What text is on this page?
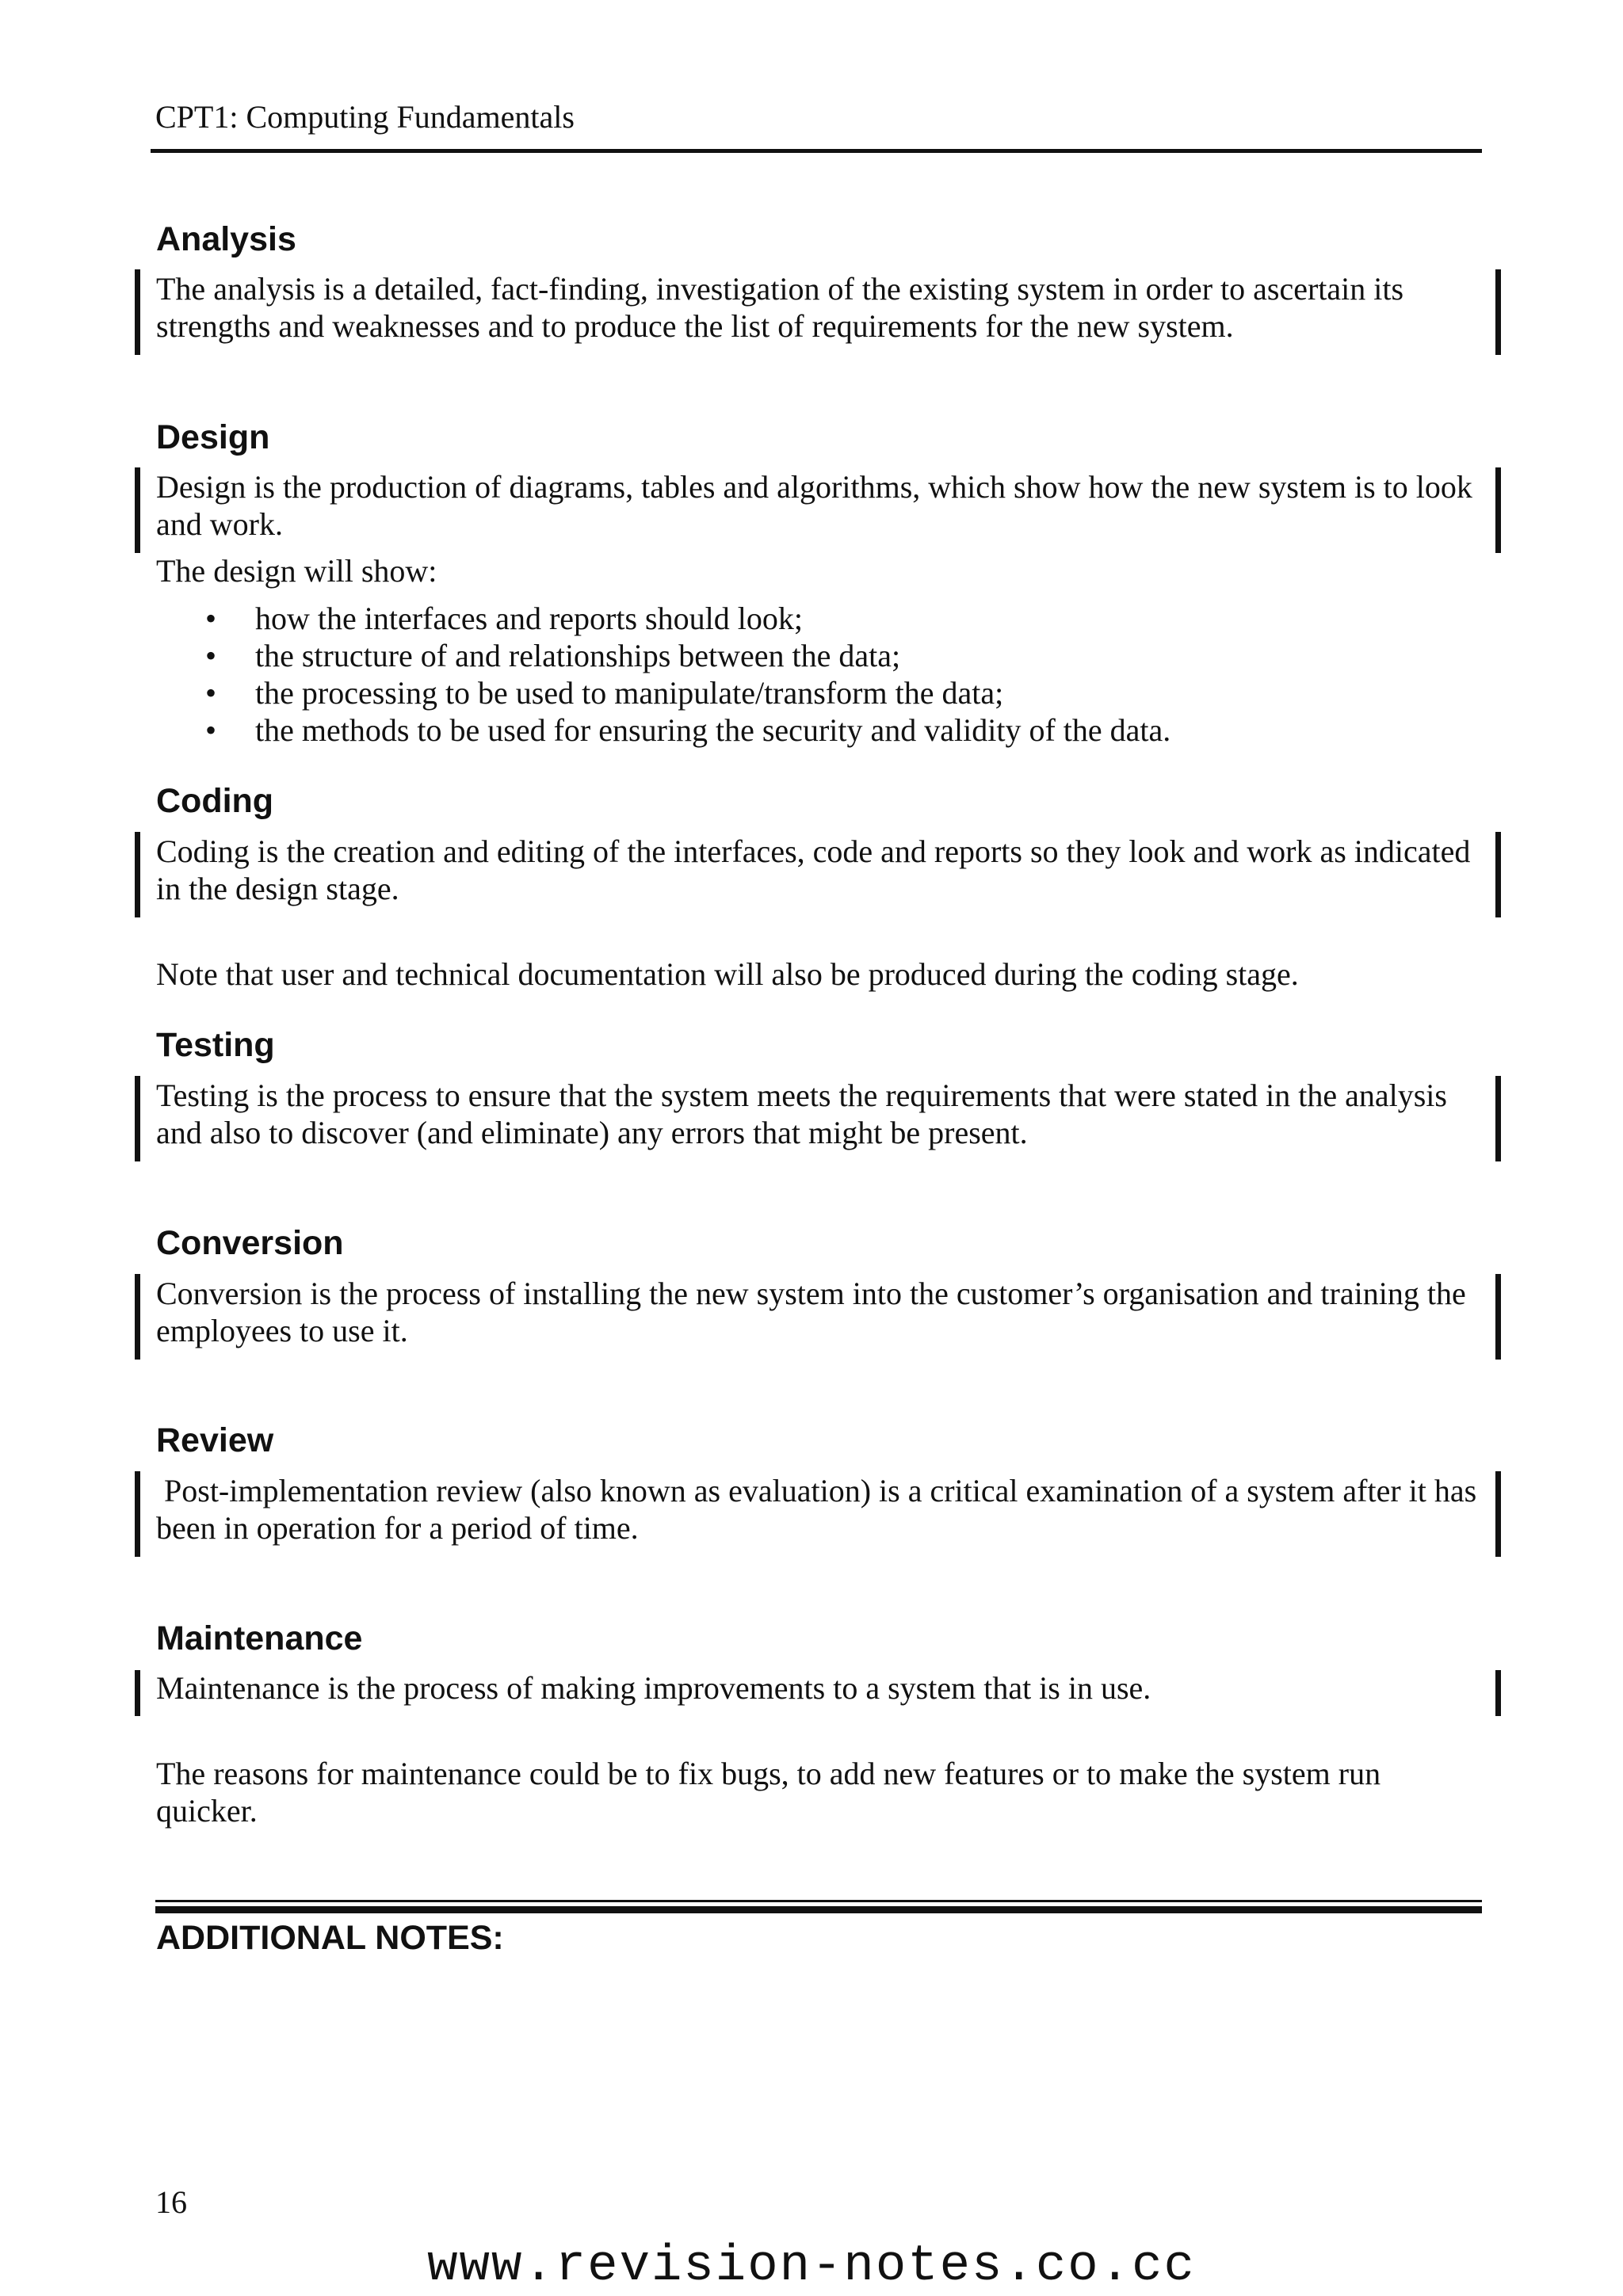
CPT1: Computing Fundamentals
Analysis
The analysis is a detailed, fact-finding, investigation of the existing system in order to ascertain its strengths and weaknesses and to produce the list of requirements for the new system.
Design
Design is the production of diagrams, tables and algorithms, which show how the new system is to look and work.
The design will show:
• how the interfaces and reports should look;
• the structure of and relationships between the data;
• the processing to be used to manipulate/transform the data;
• the methods to be used for ensuring the security and validity of the data.
Coding
Coding is the creation and editing of the interfaces, code and reports so they look and work as indicated in the design stage.
Note that user and technical documentation will also be produced during the coding stage.
Testing
Testing is the process to ensure that the system meets the requirements that were stated in the analysis and also to discover (and eliminate) any errors that might be present.
Conversion
Conversion is the process of installing the new system into the customer’s organisation and training the employees to use it.
Review
Post-implementation review (also known as evaluation) is a critical examination of a system after it has been in operation for a period of time.
Maintenance
Maintenance is the process of making improvements to a system that is in use.
The reasons for maintenance could be to fix bugs, to add new features or to make the system run quicker.
ADDITIONAL NOTES:
16
www.revision-notes.co.cc
